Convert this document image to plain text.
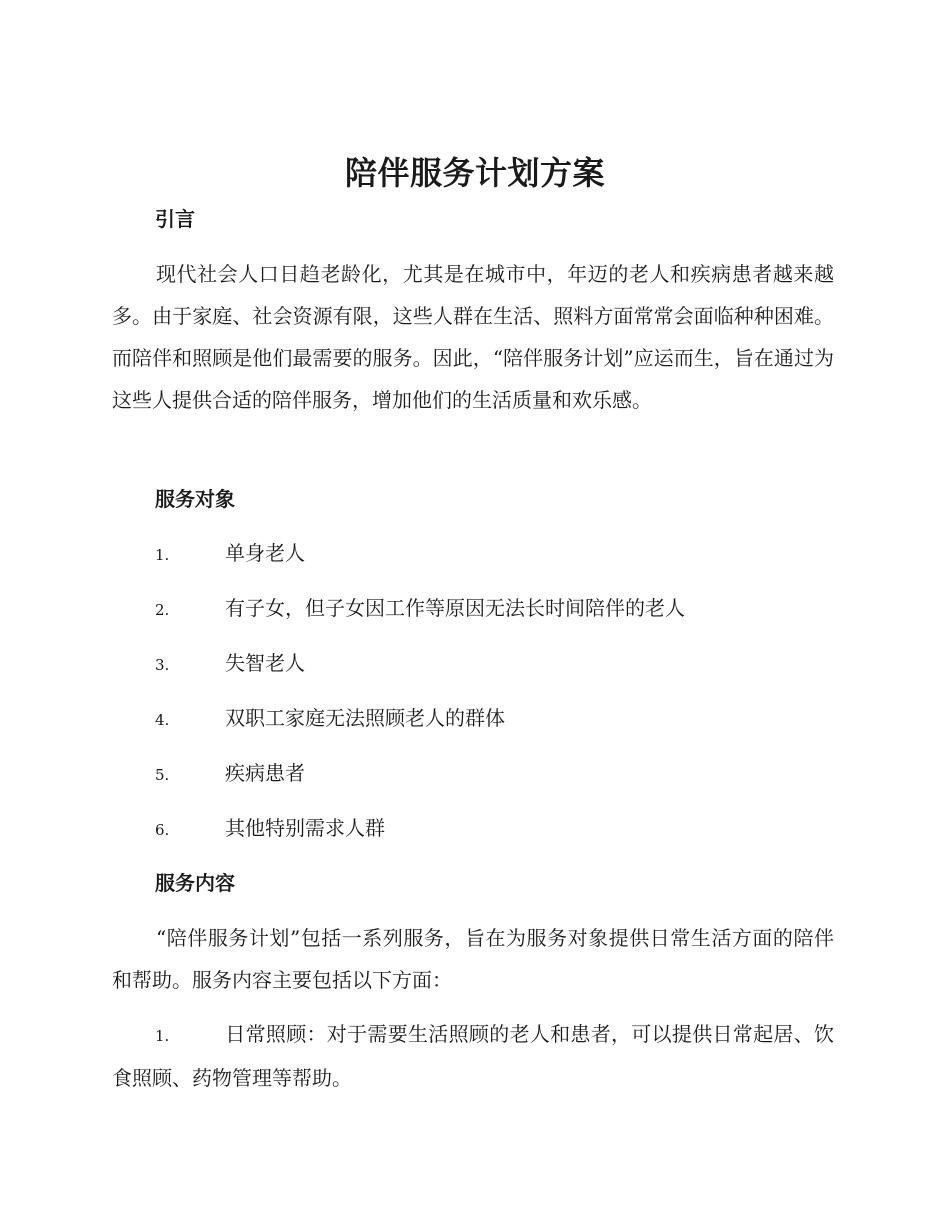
陪伴服务计划方案
引言

现代社会人口日趋老龄化，尤其是在城市中，年迈的老人和疾病患者越来越多。由于家庭、社会资源有限，这些人群在生活、照料方面常常会面临种种困难。而陪伴和照顾是他们最需要的服务。因此，“陪伴服务计划”应运而生，旨在通过为这些人提供合适的陪伴服务，增加他们的生活质量和欢乐感。

服务对象
1.	单身老人
2.	有子女，但子女因工作等原因无法长时间陪伴的老人
3.	失智老人
4.	双职工家庭无法照顾老人的群体
5.	疾病患者
6.	其他特别需求人群
服务内容

“陪伴服务计划”包括一系列服务，旨在为服务对象提供日常生活方面的陪伴和帮助。服务内容主要包括以下方面：

1.	日常照顾：对于需要生活照顾的老人和患者，可以提供日常起居、饮食照顾、药物管理等帮助。
